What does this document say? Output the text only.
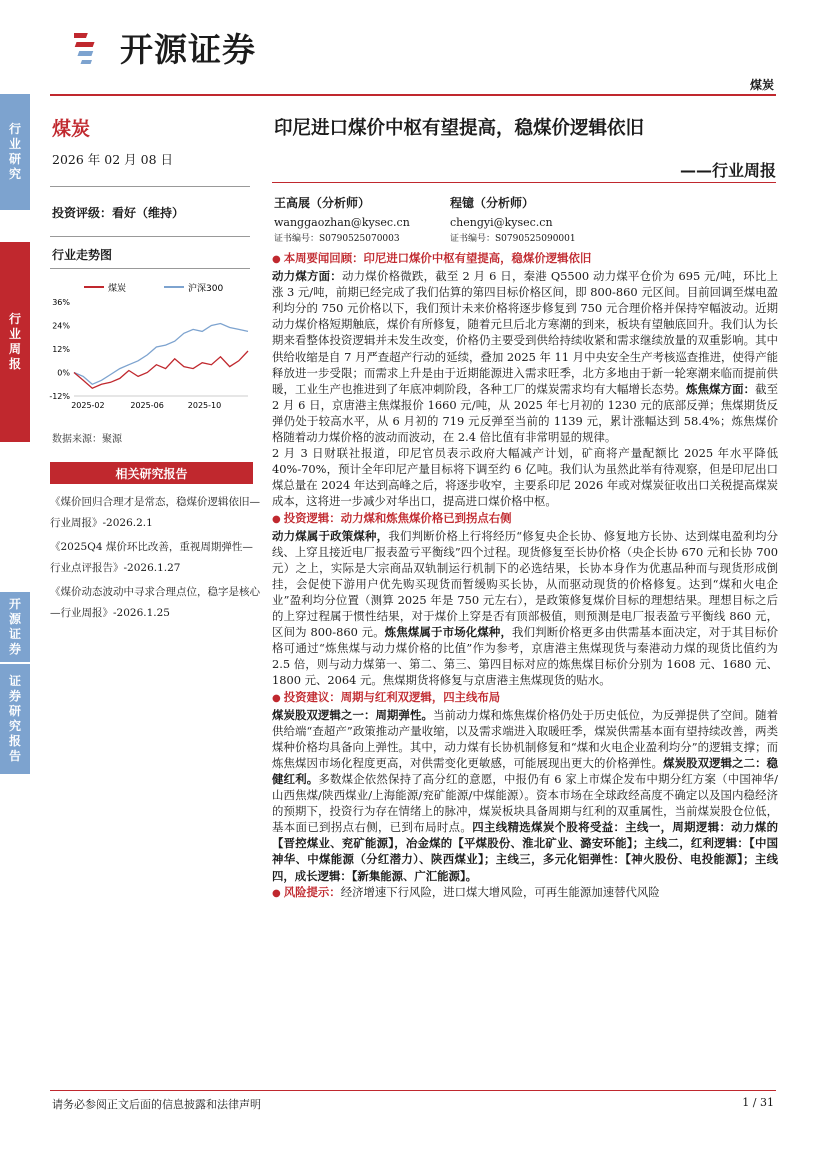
开源证券
煤炭
行业研究
行业周报
开源证券
证券研究报告
煤炭
2026 年 02 月 08 日
投资评级：看好（维持）
行业走势图
煤炭	沪深300
36%
24%
12%
0%
-12%
2025-02	2025-06	2025-10
数据来源：聚源
相关研究报告
《煤价回归合理才是常态，稳煤价逻辑依旧—行业周报》-2026.2.1
《2025Q4 煤价环比改善，重视周期弹性—行业点评报告》-2026.1.27
《煤价动态波动中寻求合理点位，稳字是核心—行业周报》-2026.1.25
印尼进口煤价中枢有望提高，稳煤价逻辑依旧
——行业周报
王高展（分析师）
wanggaozhan@kysec.cn
证书编号：S0790525070003
程镱（分析师）
chengyi@kysec.cn
证书编号：S0790525090001

● 本周要闻回顾：印尼进口煤价中枢有望提高，稳煤价逻辑依旧

动力煤方面：动力煤价格微跌，截至 2 月 6 日，秦港 Q5500 动力煤平仓价为 695 元/吨，环比上涨 3 元/吨，前期已经完成了我们估算的第四目标价格区间，即 800-860 元区间。目前回调至煤电盈利均分的 750 元价格以下，我们预计未来价格将逐步修复到 750 元合理价格并保持窄幅波动。近期动力煤价格短期触底，煤价有所修复，随着元旦后北方寒潮的到来，板块有望触底回升。我们认为长期来看整体投资逻辑并未发生改变，价格仍主要受到供给持续收紧和需求继续放量的双重影响。其中供给收缩是自 7 月严查超产行动的延续，叠加 2025 年 11 月中央安全生产考核巡查推进，使得产能释放进一步受限；而需求上升是由于近期能源进入需求旺季，北方多地由于新一轮寒潮来临而提前供暖，工业生产也推进到了年底冲刺阶段，各种工厂的煤炭需求均有大幅增长态势。炼焦煤方面：截至 2 月 6 日，京唐港主焦煤报价 1660 元/吨，从 2025 年七月初的 1230 元的底部反弹；焦煤期货反弹仍处于较高水平，从 6 月初的 719 元反弹至当前的 1139 元，累计涨幅达到 58.4%；炼焦煤价格随着动力煤价格的波动而波动，在 2.4 倍比值有非常明显的规律。

2 月 3 日财联社报道，印尼官员表示政府大幅减产计划，矿商将产量配额比 2025 年水平降低 40%-70%，预计全年印尼产量目标将下调至约 6 亿吨。我们认为虽然此举有待观察，但是印尼出口煤总量在 2024 年达到高峰之后，将逐步收窄，主要系印尼 2026 年或对煤炭征收出口关税提高煤炭成本，这将进一步减少对华出口，提高进口煤价格中枢。

● 投资逻辑：动力煤和炼焦煤价格已到拐点右侧

动力煤属于政策煤种，我们判断价格上行将经历“修复央企长协、修复地方长协、达到煤电盈利均分线、上穿且接近电厂报表盈亏平衡线”四个过程。现货修复至长协价格（央企长协 670 元和长协 700 元）之上，实际是大宗商品双轨制运行机制下的必选结果，长协本身作为优惠品种而与现货形成倒挂，会促使下游用户优先购买现货而暂缓购买长协，从而驱动现货的价格修复。达到“煤和火电企业”盈利均分位置（测算 2025 年是 750 元左右），是政策修复煤价目标的理想结果。理想目标之后的上穿过程属于惯性结果，对于煤价上穿是否有顶部极值，则预测是电厂报表盈亏平衡线 860 元，区间为 800-860 元。炼焦煤属于市场化煤种，我们判断价格更多由供需基本面决定，对于其目标价格可通过“炼焦煤与动力煤价格的比值”作为参考，京唐港主焦煤现货与秦港动力煤的现货比值约为 2.5 倍，则与动力煤第一、第二、第三、第四目标对应的炼焦煤目标价分别为 1608 元、1680 元、1800 元、2064 元。焦煤期货将修复与京唐港主焦煤现货的贴水。

● 投资建议：周期与红利双逻辑，四主线布局

煤炭股双逻辑之一：周期弹性。当前动力煤和炼焦煤价格仍处于历史低位，为反弹提供了空间。随着供给端“查超产”政策推动产量收缩，以及需求端进入取暖旺季，煤炭供需基本面有望持续改善，两类煤种价格均具备向上弹性。其中，动力煤有长协机制修复和“煤和火电企业盈利均分”的逻辑支撑；而炼焦煤因市场化程度更高，对供需变化更敏感，可能展现出更大的价格弹性。煤炭股双逻辑之二：稳健红利。多数煤企依然保持了高分红的意愿，中报仍有 6 家上市煤企发布中期分红方案（中国神华/山西焦煤/陕西煤业/上海能源/兖矿能源/中煤能源）。资本市场在全球政经高度不确定以及国内稳经济的预期下，投资行为存在情绪上的脉冲，煤炭板块具备周期与红利的双重属性，当前煤炭股仓位低，基本面已到拐点右侧，已到布局时点。四主线精选煤炭个股将受益：主线一，周期逻辑：动力煤的【晋控煤业、兖矿能源】，冶金煤的【平煤股份、淮北矿业、潞安环能】；主线二，红利逻辑：【中国神华、中煤能源（分红潜力）、陕西煤业】；主线三，多元化铝弹性：【神火股份、电投能源】；主线四，成长逻辑：【新集能源、广汇能源】。

● 风险提示：经济增速下行风险，进口煤大增风险，可再生能源加速替代风险

请务必参阅正文后面的信息披露和法律声明	1 / 31
